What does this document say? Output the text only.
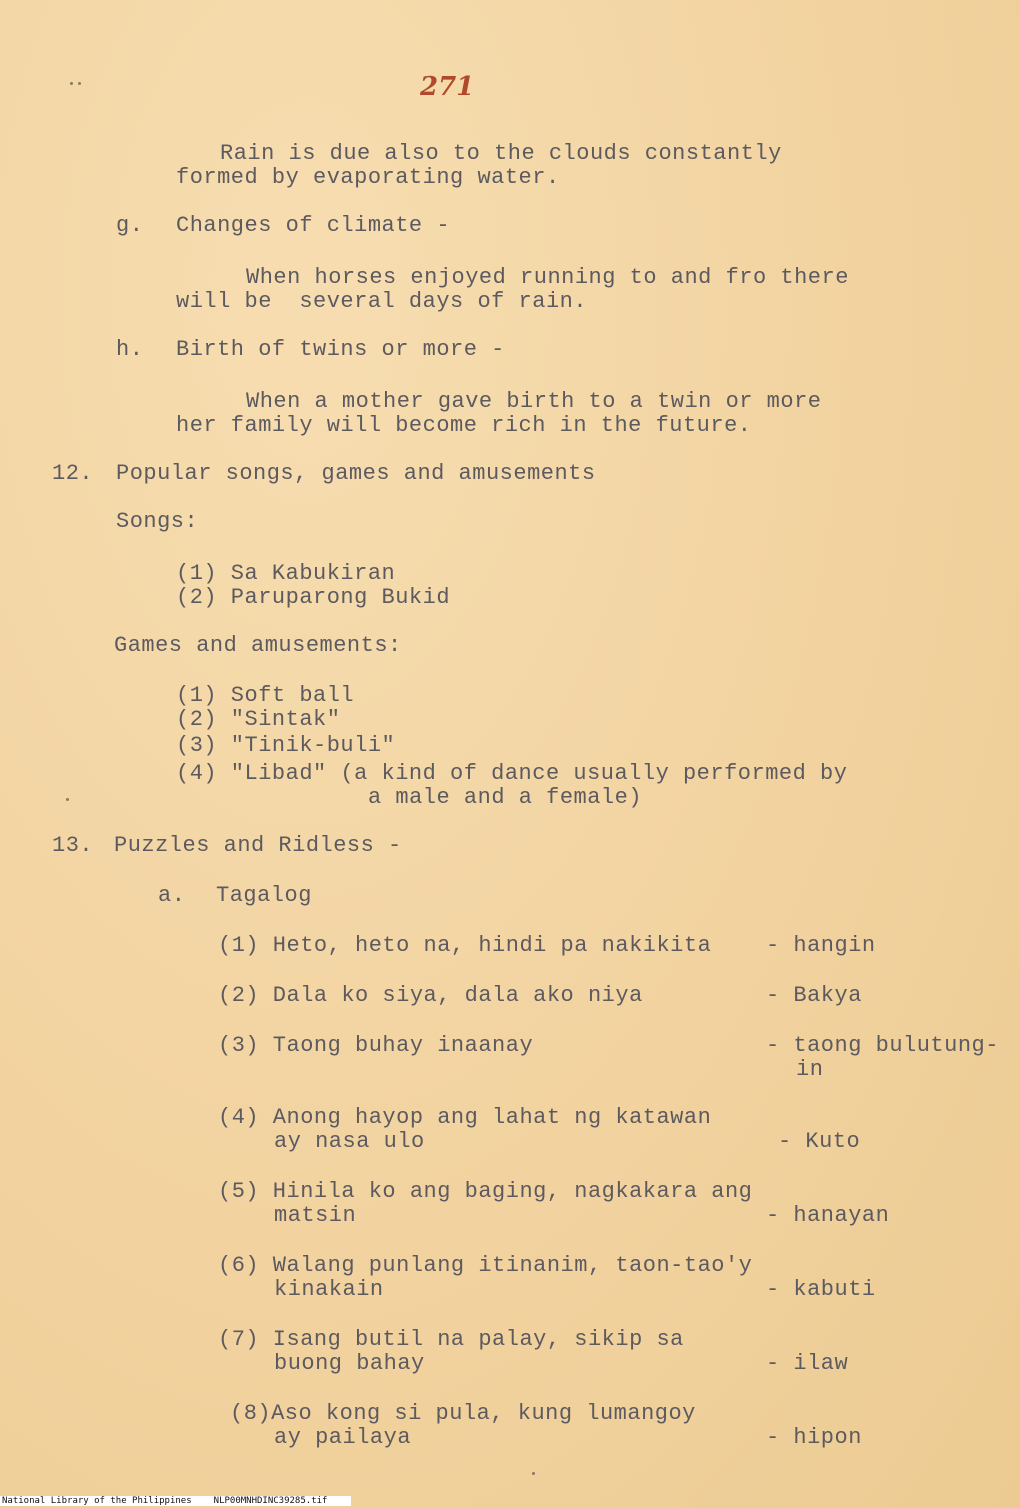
271
Rain is due also to the clouds constantly
formed by evaporating water.
g. Changes of climate -
When horses enjoyed running to and fro there
will be  several days of rain.
h. Birth of twins or more -
When a mother gave birth to a twin or more
her family will become rich in the future.
12. Popular songs, games and amusements
Songs:
(1) Sa Kabukiran
(2) Paruparong Bukid
Games and amusements:
(1) Soft ball
(2) "Sintak"
(3) "Tinik-buli"
(4) "Libad" (a kind of dance usually performed by
a male and a female)
13. Puzzles and Ridless -
a. Tagalog
(1) Heto, heto na, hindi pa nakikita - hangin
(2) Dala ko siya, dala ako niya	- Bakya
(3) Taong buhay inaanay	- taong bulutung-
in
(4) Anong hayop ang lahat ng katawan
ay nasa ulo	- Kuto
(5) Hinila ko ang baging, nagkakara ang
matsin	- hanayan
(6) Walang punlang itinanim, taon-tao'y
kinakain	- kabuti
(7) Isang butil na palay, sikip sa
buong bahay	- ilaw
(8)Aso kong si pula, kung lumangoy
ay pailaya	- hipon
National Library of the Philippines NLP00MNHDINC39285.tif
